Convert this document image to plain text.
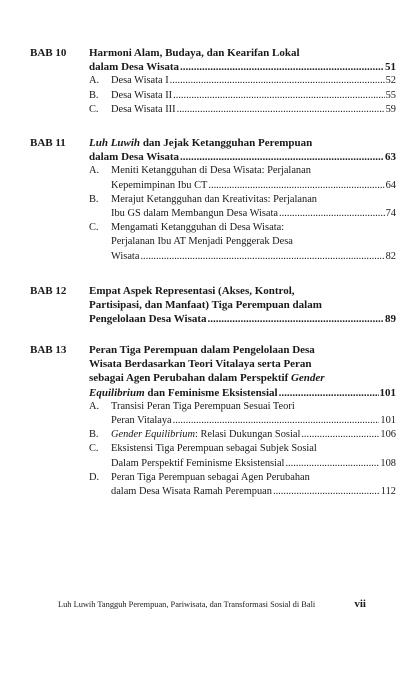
BAB 10 Harmoni Alam, Budaya, dan Kearifan Lokal
dalam Desa Wisata .....	51
A. Desa Wisata I .....	52
B. Desa Wisata II .....	55
C. Desa Wisata III .....	59
BAB 11 Luh Luwih dan Jejak Ketangguhan Perempuan
dalam Desa Wisata .....	63
A. Meniti Ketangguhan di Desa Wisata: Perjalanan
Kepemimpinan Ibu CT .....	64
B. Merajut Ketangguhan dan Kreativitas: Perjalanan
Ibu GS dalam Membangun Desa Wisata .....	74
C. Mengamati Ketangguhan di Desa Wisata:
Perjalanan Ibu AT Menjadi Penggerak Desa
Wisata .....	82
BAB 12 Empat Aspek Representasi (Akses, Kontrol,
Partisipasi, dan Manfaat) Tiga Perempuan dalam
Pengelolaan Desa Wisata .....	89
BAB 13 Peran Tiga Perempuan dalam Pengelolaan Desa
Wisata Berdasarkan Teori Vitalaya serta Peran
sebagai Agen Perubahan dalam Perspektif Gender
Equilibrium dan Feminisme Eksistensial .....	101
A. Transisi Peran Tiga Perempuan Sesuai Teori
Peran Vitalaya .....	101
B. Gender Equilibrium: Relasi Dukungan Sosial .....	106
C. Eksistensi Tiga Perempuan sebagai Subjek Sosial
Dalam Perspektif Feminisme Eksistensial .....	108
D. Peran Tiga Perempuan sebagai Agen Perubahan
dalam Desa Wisata Ramah Perempuan .....	112
Luh Luwih Tangguh Perempuan, Pariwisata, dan Transformasi Sosial di Bali	vii
